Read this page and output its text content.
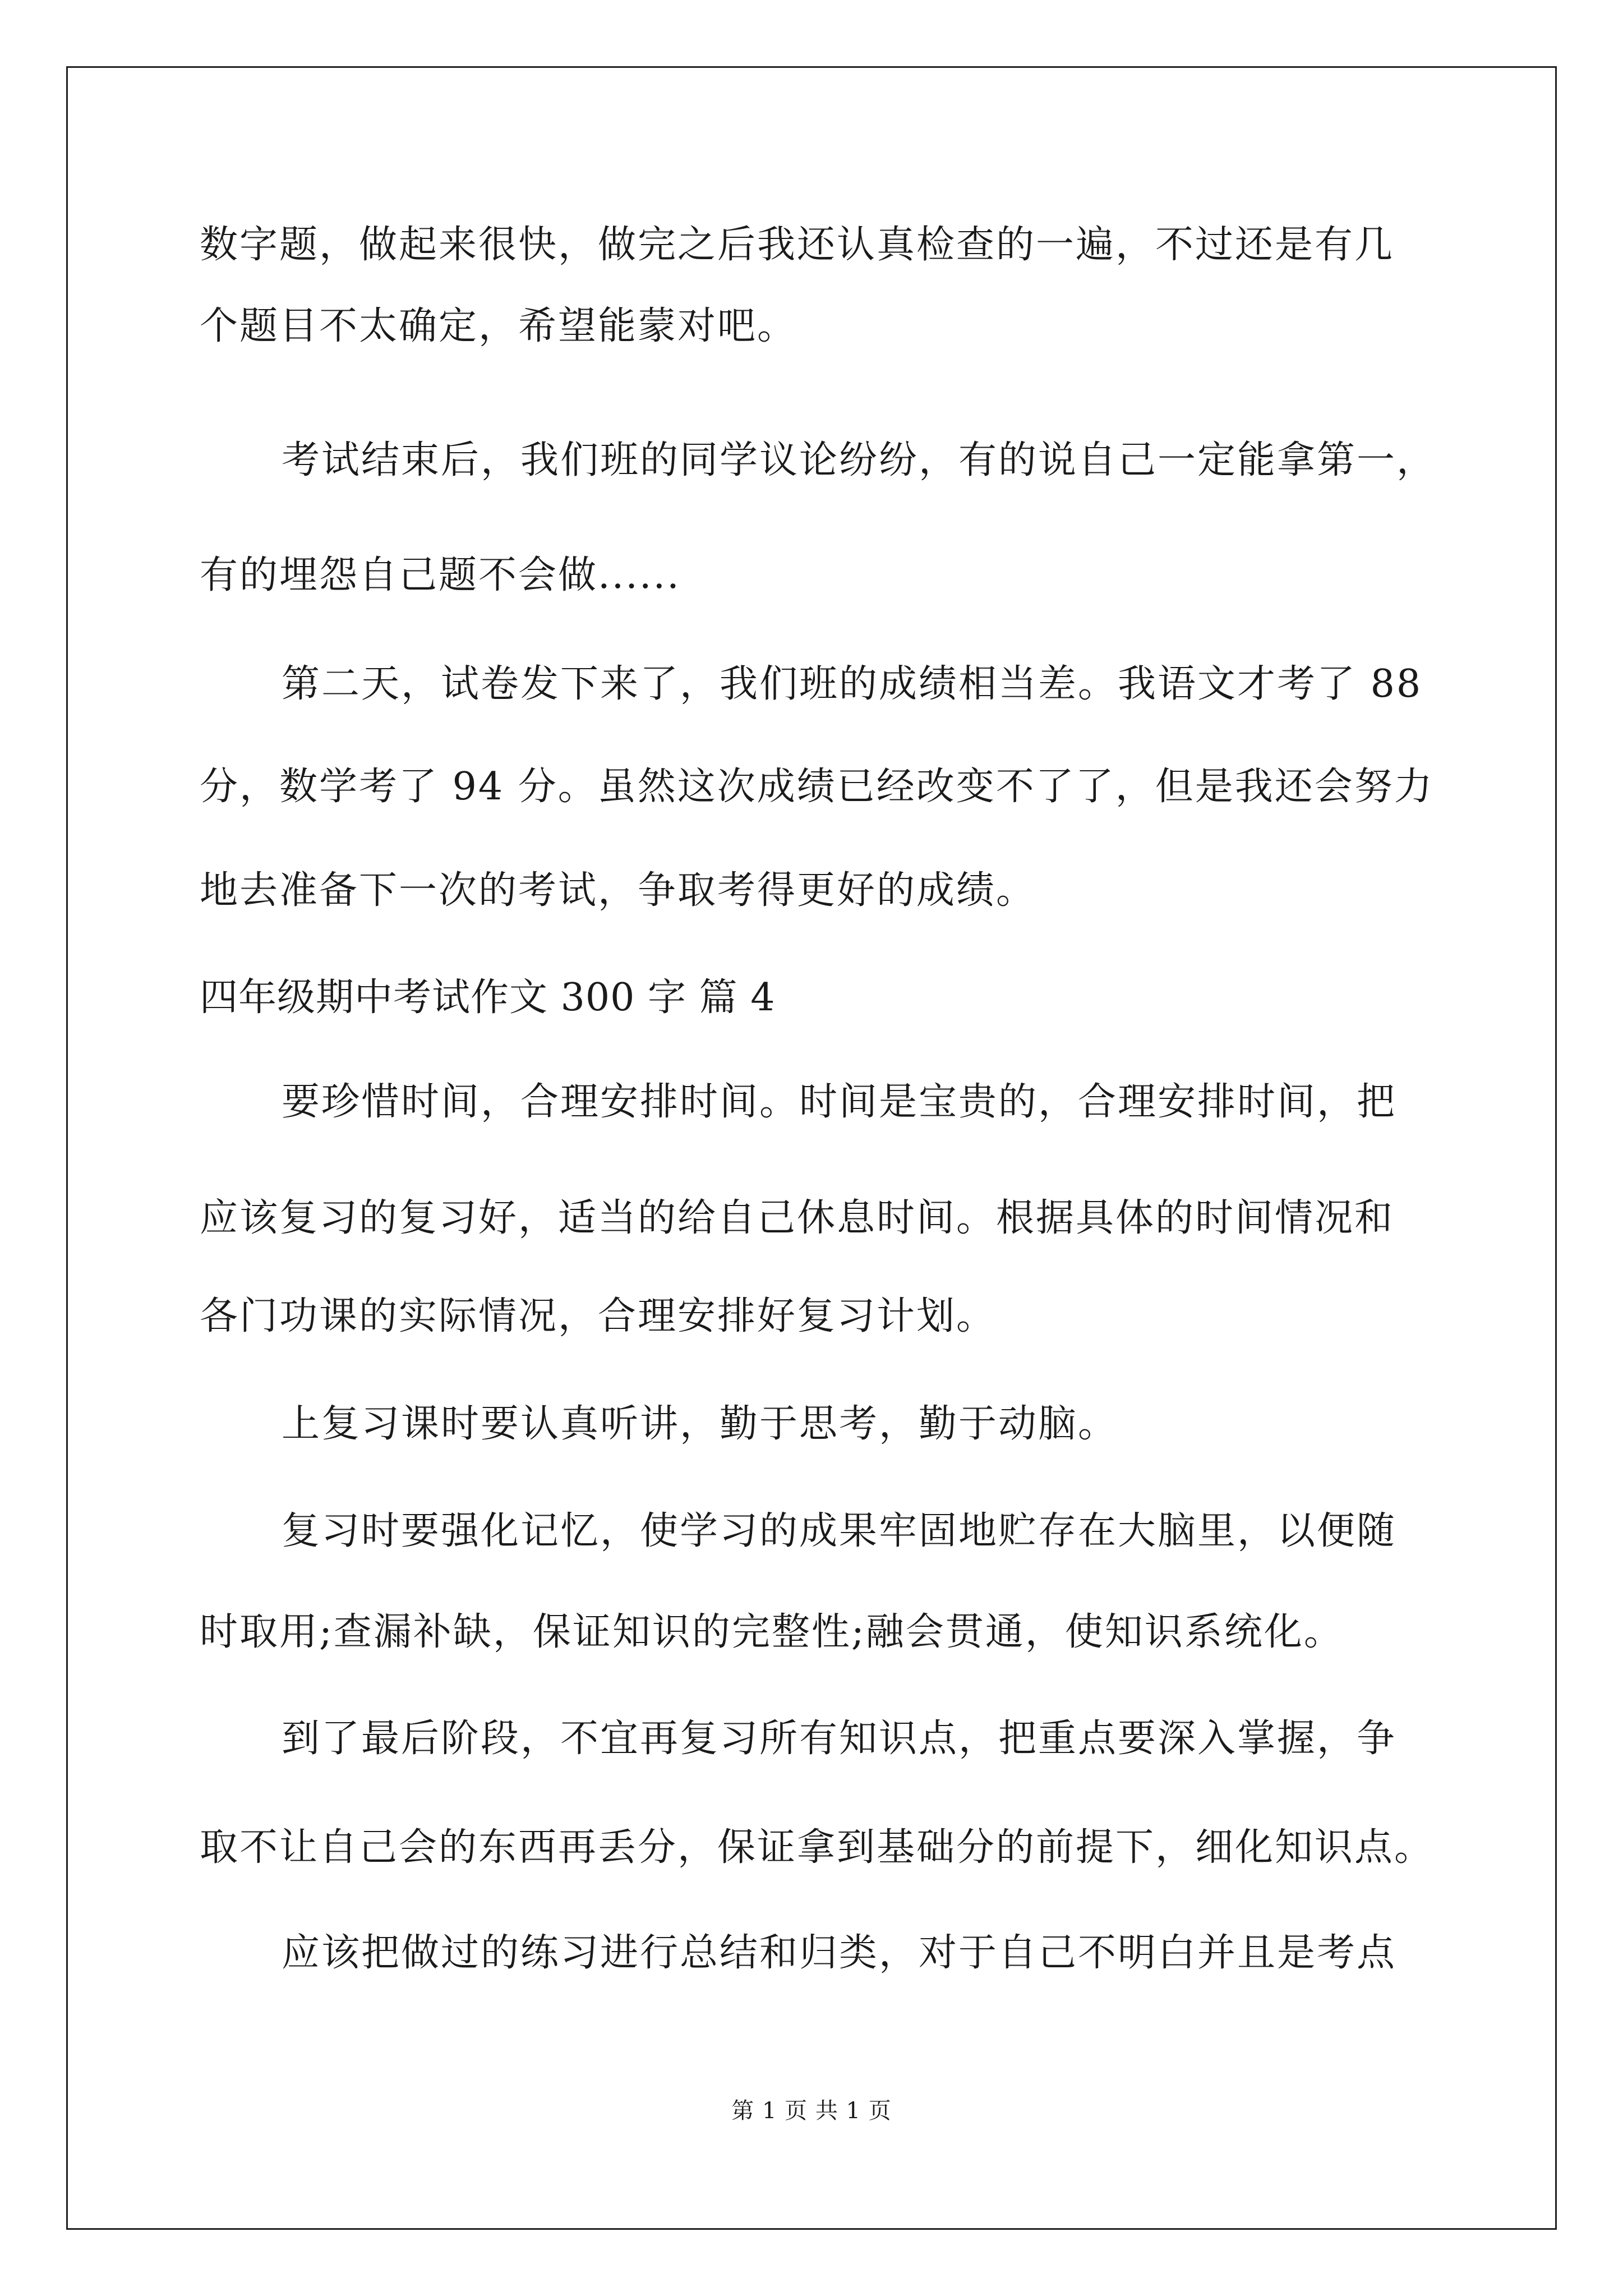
数字题，做起来很快，做完之后我还认真检查的一遍，不过还是有几
个题目不太确定，希望能蒙对吧。
考试结束后，我们班的同学议论纷纷，有的说自己一定能拿第一，
有的埋怨自己题不会做......
第二天，试卷发下来了，我们班的成绩相当差。我语文才考了 88
分，数学考了 94 分。虽然这次成绩已经改变不了了，但是我还会努力
地去准备下一次的考试，争取考得更好的成绩。
四年级期中考试作文 300 字 篇 4
要珍惜时间，合理安排时间。时间是宝贵的，合理安排时间，把
应该复习的复习好，适当的给自己休息时间。根据具体的时间情况和
各门功课的实际情况，合理安排好复习计划。
上复习课时要认真听讲，勤于思考，勤于动脑。
复习时要强化记忆，使学习的成果牢固地贮存在大脑里，以便随
时取用;查漏补缺，保证知识的完整性;融会贯通，使知识系统化。
到了最后阶段，不宜再复习所有知识点，把重点要深入掌握，争
取不让自己会的东西再丢分，保证拿到基础分的前提下，细化知识点。
应该把做过的练习进行总结和归类，对于自己不明白并且是考点
第 1 页 共 1 页
